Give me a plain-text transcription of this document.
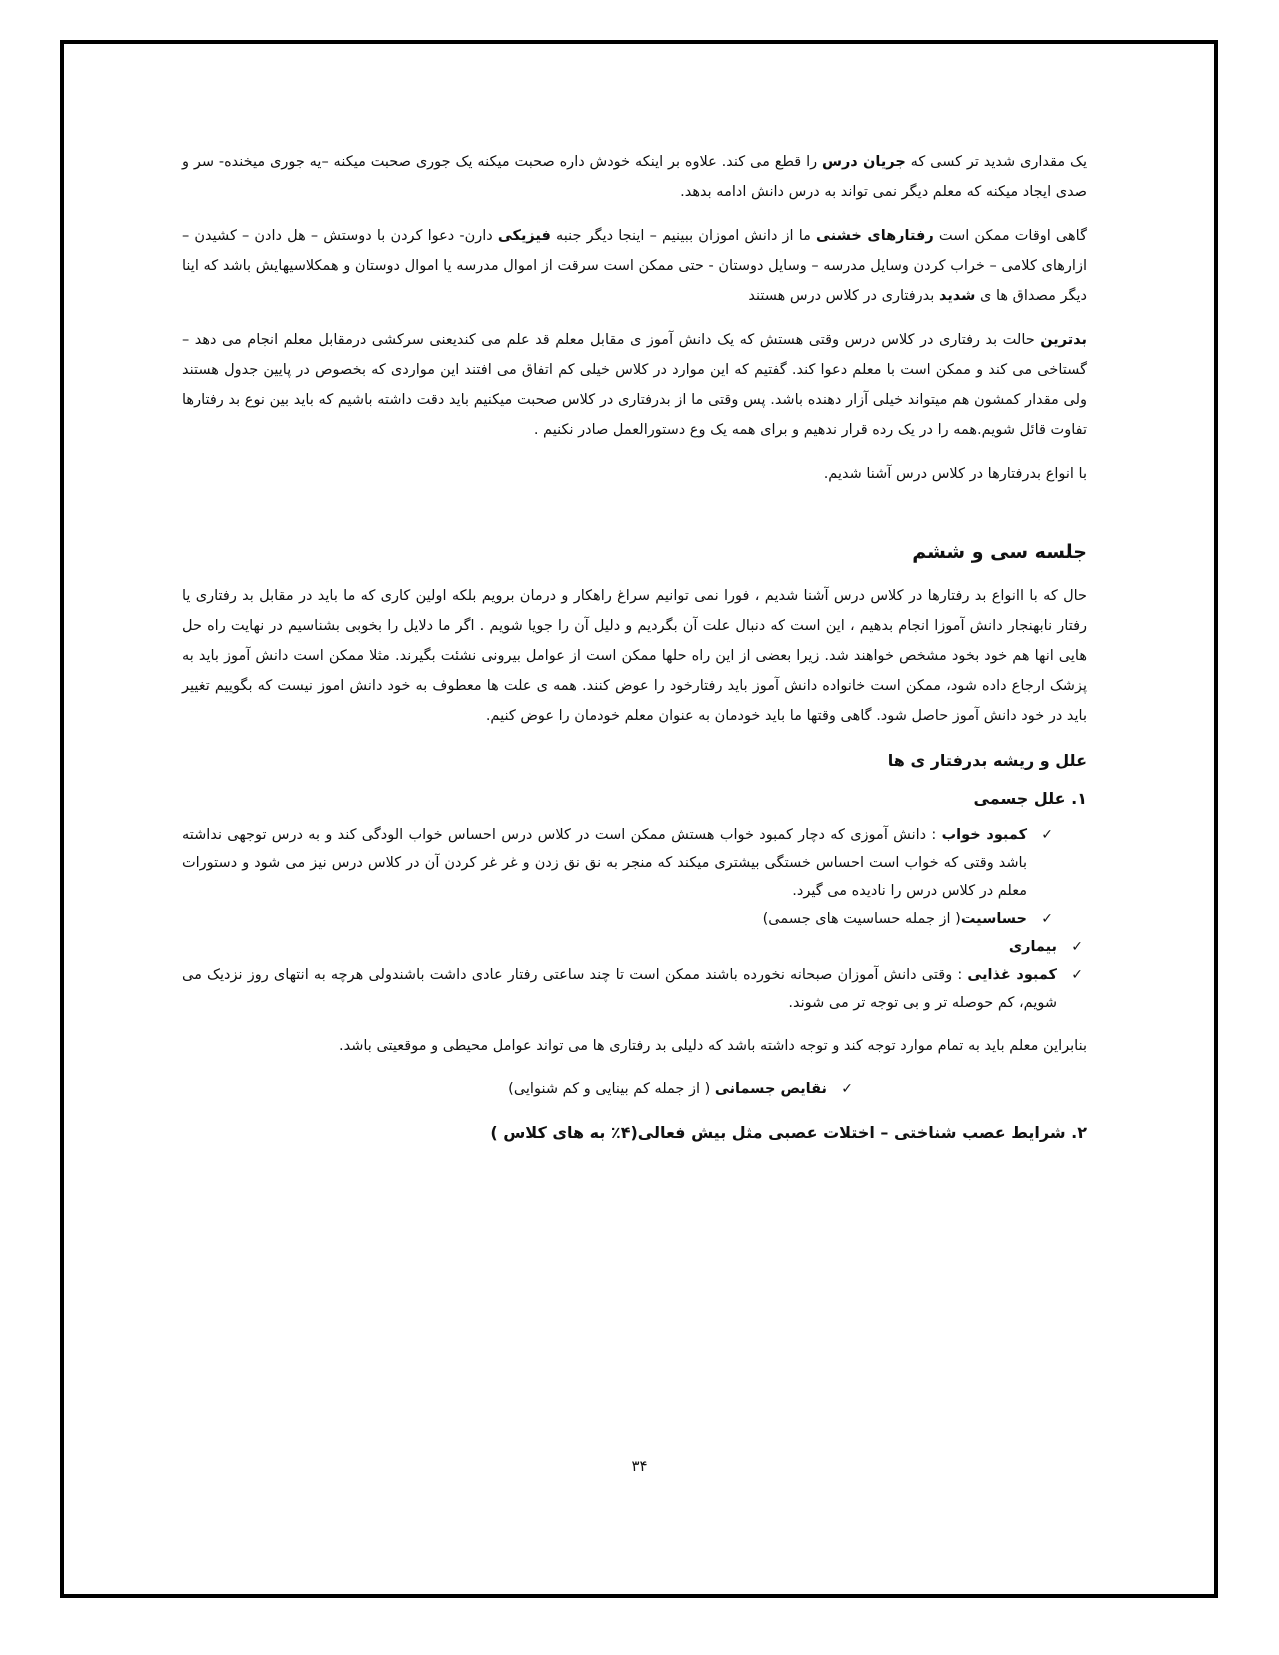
یک مقداری شدید تر کسی که جریان درس را قطع می کند. علاوه بر اینکه خودش داره صحبت میکنه یک جوری صحبت میکنه –یه جوری میخنده- سر و صدی ایجاد میکنه که معلم دیگر نمی تواند به درس دانش ادامه بدهد.

گاهی اوقات ممکن است رفتارهای خشنی ما از دانش اموزان ببینیم – اینجا دیگر جنبه فیزیکی دارن- دعوا کردن با دوستش – هل دادن – کشیدن – ازارهای کلامی – خراب کردن وسایل مدرسه – وسایل دوستان - حتی ممکن است سرقت از اموال مدرسه یا اموال دوستان و همکلاسیهایش باشد که اینا دیگر مصداق ها ی شدید بدرفتاری در کلاس درس هستند

بدترین حالت بد رفتاری در کلاس درس وقتی هستش که یک دانش آموز ی مقابل معلم قد علم می کندیعنی سرکشی درمقابل معلم انجام می دهد – گستاخی می کند و ممکن است با معلم دعوا کند. گفتیم که این موارد در کلاس خیلی کم اتفاق می افتند این مواردی که بخصوص در پایین جدول هستند ولی مقدار کمشون هم میتواند خیلی آزار دهنده باشد. پس وقتی ما از بدرفتاری در کلاس صحبت میکنیم باید دقت داشته باشیم که باید بین نوع بد رفتارها تفاوت قائل شویم.همه را در یک رده قرار ندهیم و برای همه یک وع دستورالعمل صادر نکنیم .

با انواع بدرفتارها در کلاس درس آشنا شدیم.

جلسه سی و ششم

حال که با اانواع بد رفتارها در کلاس درس آشنا شدیم ، فورا نمی توانیم سراغ راهکار و درمان برویم بلکه اولین کاری که ما باید در مقابل بد رفتاری یا رفتار نابهنجار دانش آموزا انجام بدهیم ، این است که دنبال علت آن بگردیم و دلیل آن را جویا شویم . اگر ما دلایل را بخوبی بشناسیم در نهایت راه حل هایی انها هم خود بخود مشخص خواهند شد. زیرا بعضی از این راه حلها ممکن است از عوامل بیرونی نشئت بگیرند. مثلا ممکن است دانش آموز باید به پزشک ارجاع داده شود، ممکن است خانواده دانش آموز باید رفتارخود را عوض کنند. همه ی علت ها معطوف به خود دانش اموز نیست که بگوییم تغییر باید در خود دانش آموز حاصل شود. گاهی وقتها ما باید خودمان به عنوان معلم خودمان را عوض کنیم.

علل و ریشه بدرفتار ی ها
۱. علل جسمی
✓
کمبود خواب : دانش آموزی که دچار کمبود خواب هستش ممکن است در کلاس درس احساس خواب الودگی کند و به درس توجهی نداشته باشد وقتی که خواب است احساس خستگی بیشتری میکند که منجر به نق نق زدن و غر غر کردن آن در کلاس درس نیز می شود و دستورات معلم در کلاس درس را نادیده می گیرد.
✓
حساسیت( از جمله حساسیت های جسمی)
✓
بیماری
✓
کمبود غذایی : وقتی دانش آموزان صبحانه نخورده باشند ممکن است تا چند ساعتی رفتار عادی داشت باشندولی هرچه به انتهای روز نزدیک می شویم، کم حوصله تر و بی توجه تر می شوند.

بنابراین معلم باید به تمام موارد توجه کند و توجه داشته باشد که دلیلی بد رفتاری ها می تواند عوامل محیطی و موقعیتی باشد.

✓
نقایص جسمانی ( از جمله کم بینایی و کم شنوایی)
۲. شرایط عصب شناختی – اختلات عصبی مثل بیش فعالی(۴٪ به های کلاس )
۳۴
